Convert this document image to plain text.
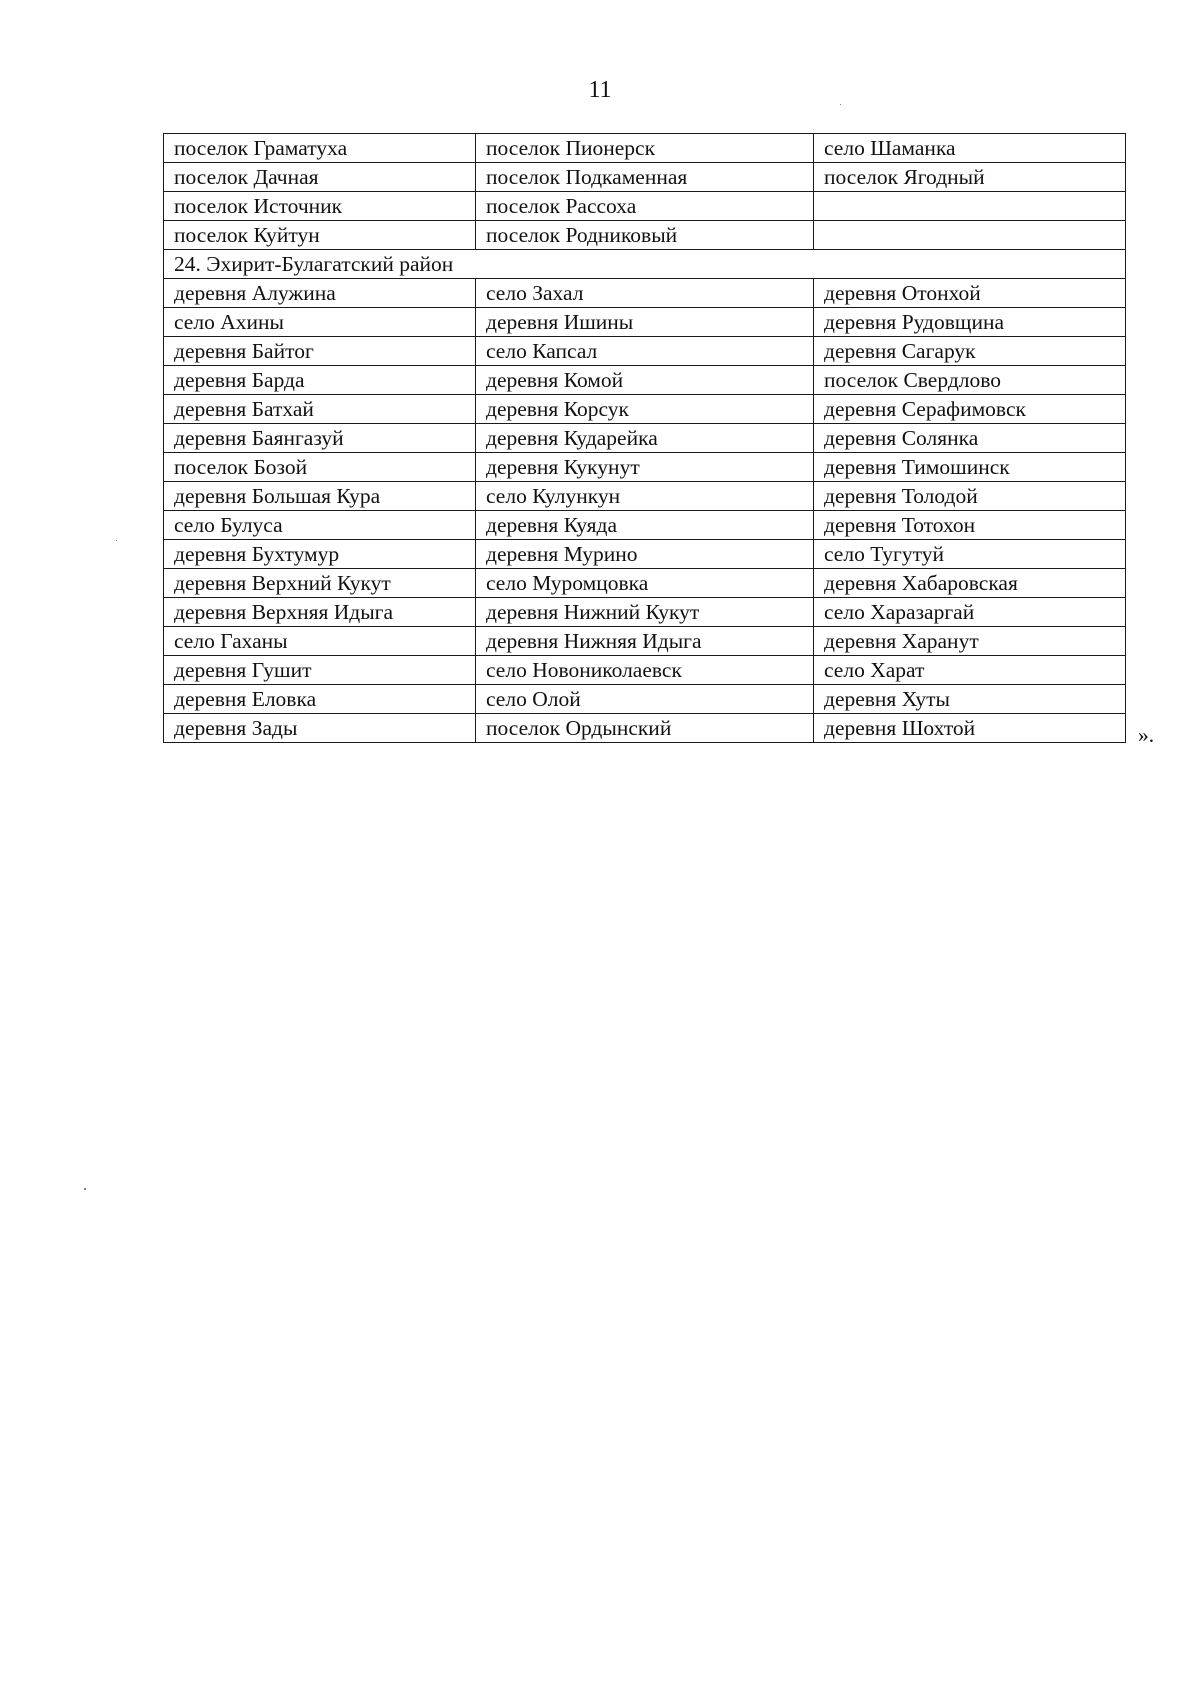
11
поселок Граматуха	поселок Пионерск	село Шаманка
поселок Дачная	поселок Подкаменная	поселок Ягодный
поселок Источник	поселок Рассоха	
поселок Куйтун	поселок Родниковый	
24. Эхирит-Булагатский район		
деревня Алужина	село Захал	деревня Отонхой
село Ахины	деревня Ишины	деревня Рудовщина
деревня Байтог	село Капсал	деревня Сагарук
деревня Барда	деревня Комой	поселок Свердлово
деревня Батхай	деревня Корсук	деревня Серафимовск
деревня Баянгазуй	деревня Кударейка	деревня Солянка
поселок Бозой	деревня Кукунут	деревня Тимошинск
деревня Большая Кура	село Кулункун	деревня Толодой
село Булуса	деревня Куяда	деревня Тотохон
деревня Бухтумур	деревня Мурино	село Тугутуй
деревня Верхний Кукут	село Муромцовка	деревня Хабаровская
деревня Верхняя Идыга	деревня Нижний Кукут	село Харазаргай
село Гаханы	деревня Нижняя Идыга	деревня Харанут
деревня Гушит	село Новониколаевск	село Харат
деревня Еловка	село Олой	деревня Хуты
деревня Зады	поселок Ордынский	деревня Шохтой	».
